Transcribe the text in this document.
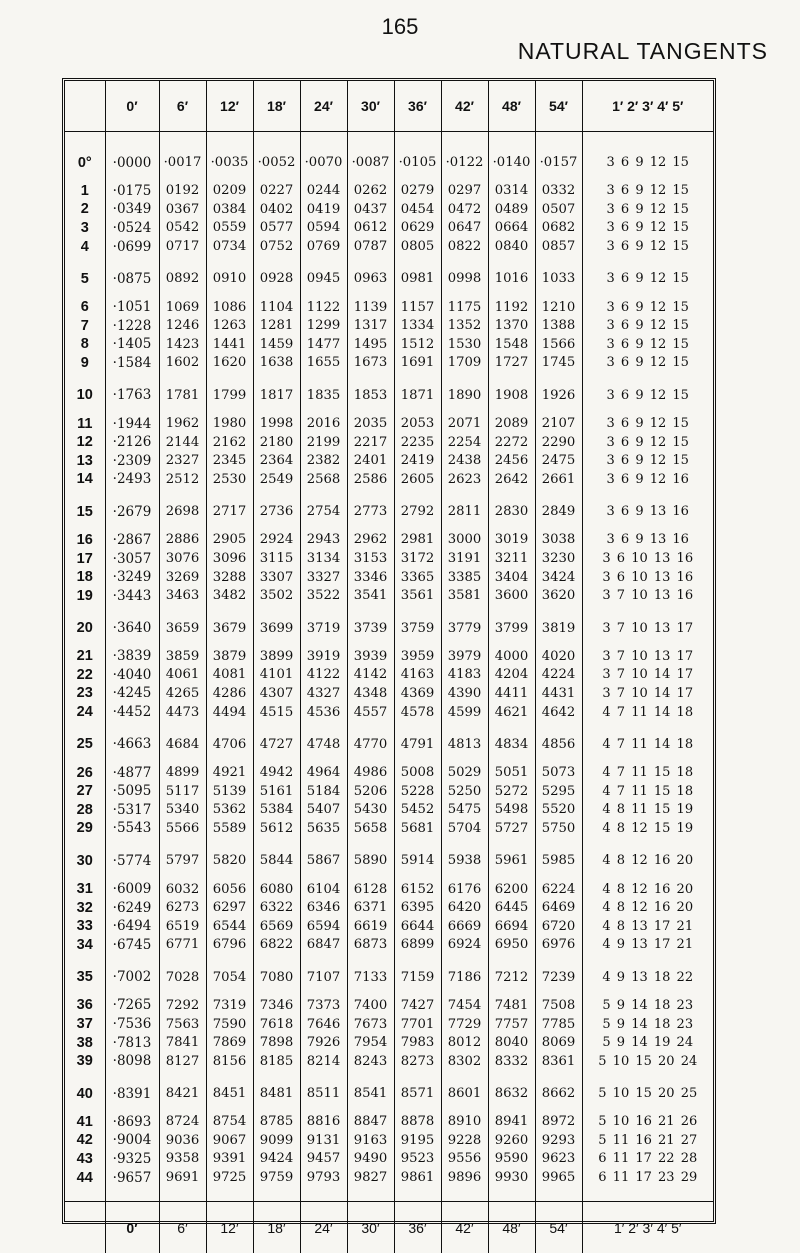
165
NATURAL TANGENTS
	0′	6′	12′	18′	24′	30′	36′	42′	48′	54′	1′ 2′ 3′ 4′ 5′

0°	·0000	·0017	·0035	·0052	·0070	·0087	·0105	·0122	·0140	·0157	3 6 9 12 15
1	·0175	0192	0209	0227	0244	0262	0279	0297	0314	0332	3 6 9 12 15
2	·0349	0367	0384	0402	0419	0437	0454	0472	0489	0507	3 6 9 12 15
3	·0524	0542	0559	0577	0594	0612	0629	0647	0664	0682	3 6 9 12 15
4	·0699	0717	0734	0752	0769	0787	0805	0822	0840	0857	3 6 9 12 15

5	·0875	0892	0910	0928	0945	0963	0981	0998	1016	1033	3 6 9 12 15
6	·1051	1069	1086	1104	1122	1139	1157	1175	1192	1210	3 6 9 12 15
7	·1228	1246	1263	1281	1299	1317	1334	1352	1370	1388	3 6 9 12 15
8	·1405	1423	1441	1459	1477	1495	1512	1530	1548	1566	3 6 9 12 15
9	·1584	1602	1620	1638	1655	1673	1691	1709	1727	1745	3 6 9 12 15

10	·1763	1781	1799	1817	1835	1853	1871	1890	1908	1926	3 6 9 12 15
11	·1944	1962	1980	1998	2016	2035	2053	2071	2089	2107	3 6 9 12 15
12	·2126	2144	2162	2180	2199	2217	2235	2254	2272	2290	3 6 9 12 15
13	·2309	2327	2345	2364	2382	2401	2419	2438	2456	2475	3 6 9 12 15
14	·2493	2512	2530	2549	2568	2586	2605	2623	2642	2661	3 6 9 12 16

15	·2679	2698	2717	2736	2754	2773	2792	2811	2830	2849	3 6 9 13 16
16	·2867	2886	2905	2924	2943	2962	2981	3000	3019	3038	3 6 9 13 16
17	·3057	3076	3096	3115	3134	3153	3172	3191	3211	3230	3 6 10 13 16
18	·3249	3269	3288	3307	3327	3346	3365	3385	3404	3424	3 6 10 13 16
19	·3443	3463	3482	3502	3522	3541	3561	3581	3600	3620	3 7 10 13 16

20	·3640	3659	3679	3699	3719	3739	3759	3779	3799	3819	3 7 10 13 17
21	·3839	3859	3879	3899	3919	3939	3959	3979	4000	4020	3 7 10 13 17
22	·4040	4061	4081	4101	4122	4142	4163	4183	4204	4224	3 7 10 14 17
23	·4245	4265	4286	4307	4327	4348	4369	4390	4411	4431	3 7 10 14 17
24	·4452	4473	4494	4515	4536	4557	4578	4599	4621	4642	4 7 11 14 18

25	·4663	4684	4706	4727	4748	4770	4791	4813	4834	4856	4 7 11 14 18
26	·4877	4899	4921	4942	4964	4986	5008	5029	5051	5073	4 7 11 15 18
27	·5095	5117	5139	5161	5184	5206	5228	5250	5272	5295	4 7 11 15 18
28	·5317	5340	5362	5384	5407	5430	5452	5475	5498	5520	4 8 11 15 19
29	·5543	5566	5589	5612	5635	5658	5681	5704	5727	5750	4 8 12 15 19

30	·5774	5797	5820	5844	5867	5890	5914	5938	5961	5985	4 8 12 16 20
31	·6009	6032	6056	6080	6104	6128	6152	6176	6200	6224	4 8 12 16 20
32	·6249	6273	6297	6322	6346	6371	6395	6420	6445	6469	4 8 12 16 20
33	·6494	6519	6544	6569	6594	6619	6644	6669	6694	6720	4 8 13 17 21
34	·6745	6771	6796	6822	6847	6873	6899	6924	6950	6976	4 9 13 17 21

35	·7002	7028	7054	7080	7107	7133	7159	7186	7212	7239	4 9 13 18 22
36	·7265	7292	7319	7346	7373	7400	7427	7454	7481	7508	5 9 14 18 23
37	·7536	7563	7590	7618	7646	7673	7701	7729	7757	7785	5 9 14 18 23
38	·7813	7841	7869	7898	7926	7954	7983	8012	8040	8069	5 9 14 19 24
39	·8098	8127	8156	8185	8214	8243	8273	8302	8332	8361	5 10 15 20 24

40	·8391	8421	8451	8481	8511	8541	8571	8601	8632	8662	5 10 15 20 25
41	·8693	8724	8754	8785	8816	8847	8878	8910	8941	8972	5 10 16 21 26
42	·9004	9036	9067	9099	9131	9163	9195	9228	9260	9293	5 11 16 21 27
43	·9325	9358	9391	9424	9457	9490	9523	9556	9590	9623	6 11 17 22 28
44	·9657	9691	9725	9759	9793	9827	9861	9896	9930	9965	6 11 17 23 29

	0′	6′	12′	18′	24′	30′	36′	42′	48′	54′	1′ 2′ 3′ 4′ 5′
